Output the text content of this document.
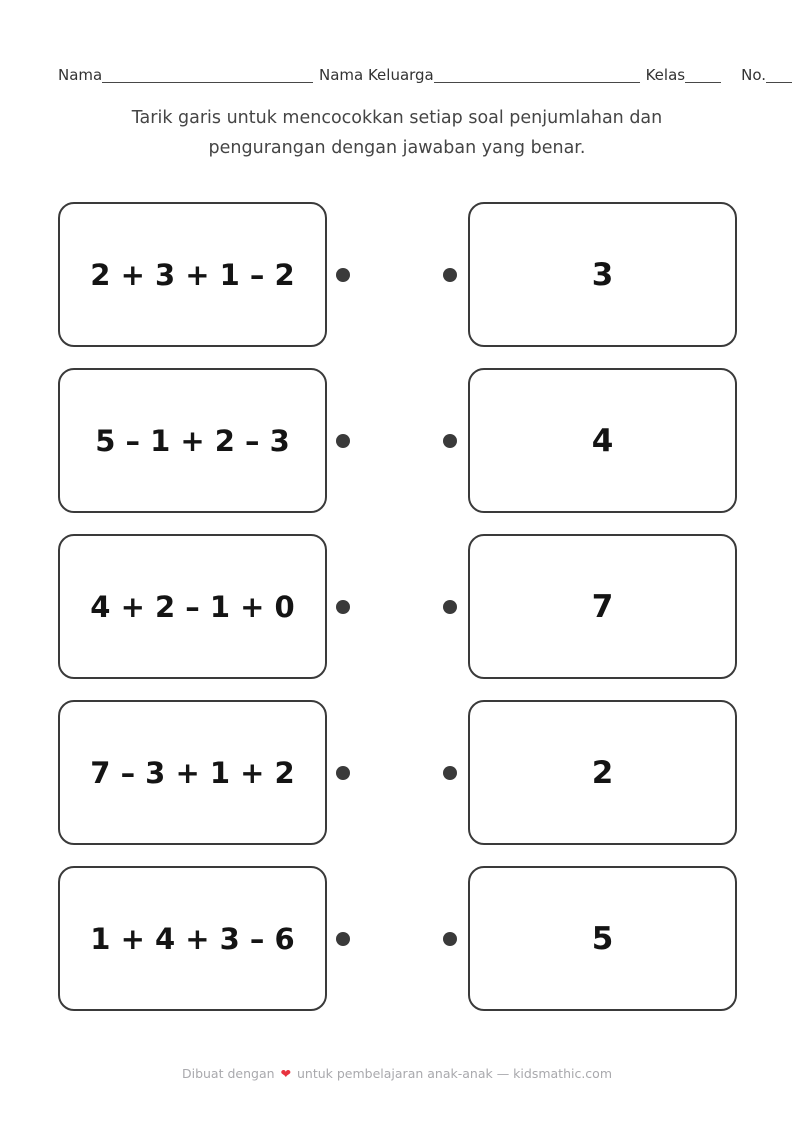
Nama	Nama Keluarga	Kelas	No.
Tarik garis untuk mencocokkan setiap soal penjumlahan dan
pengurangan dengan jawaban yang benar.
2 + 3 + 1 – 2	3
5 – 1 + 2 – 3	4
4 + 2 – 1 + 0	7
7 – 3 + 1 + 2	2
1 + 4 + 3 – 6	5
Dibuat dengan ❤ untuk pembelajaran anak-anak — kidsmathic.com
